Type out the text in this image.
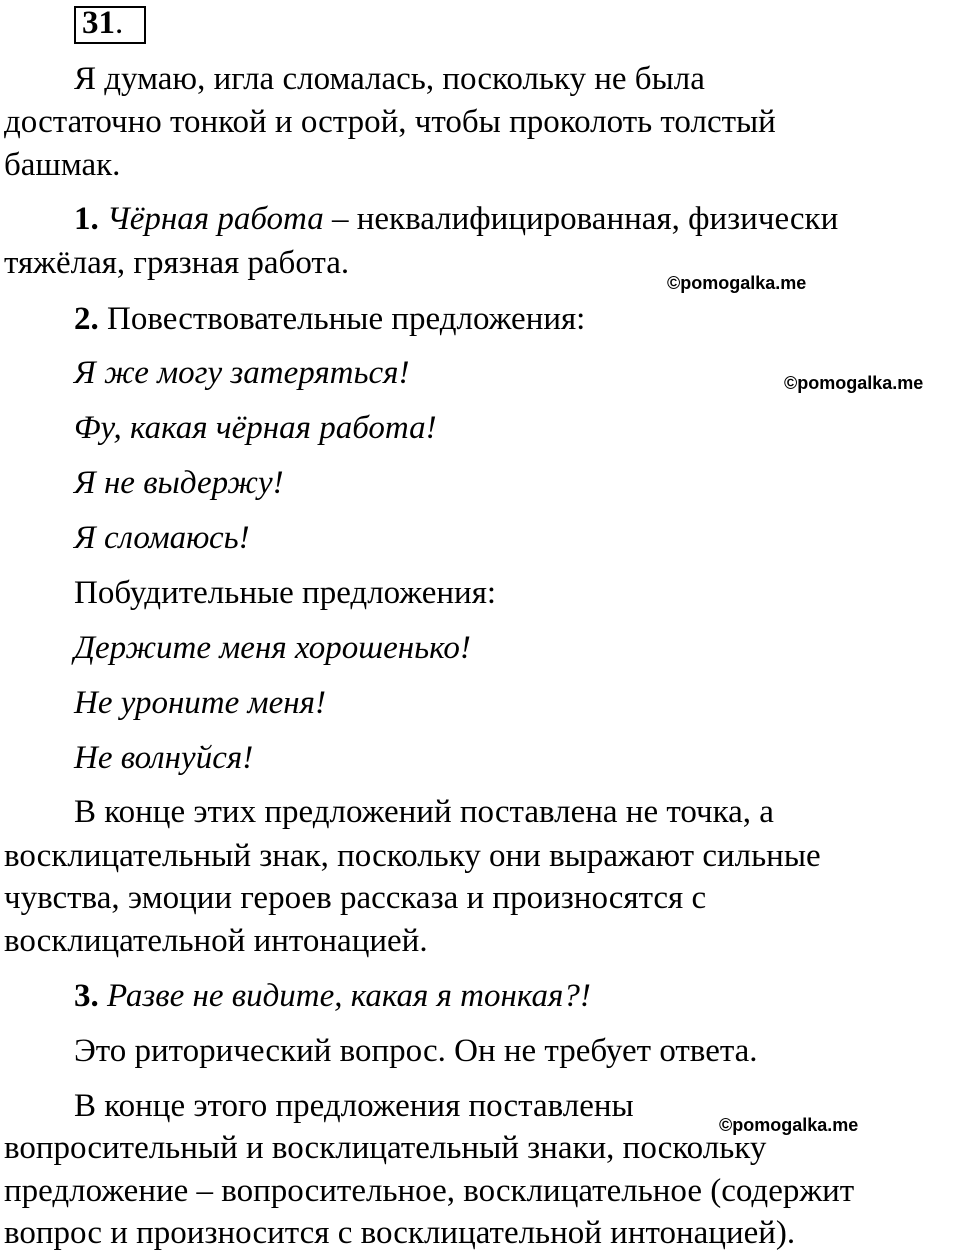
31.

Я думаю, игла сломалась, поскольку не была

достаточно тонкой и острой, чтобы проколоть толстый

башмак.

1. Чёрная работа – неквалифицированная, физически

тяжёлая, грязная работа.

©pomogalka.me

2. Повествовательные предложения:

Я же могу затеряться!	©pomogalka.me

Фу, какая чёрная работа!

Я не выдержу!

Я сломаюсь!

Побудительные предложения:

Держите меня хорошенько!

Не уроните меня!

Не волнуйся!

В конце этих предложений поставлена не точка, а

восклицательный знак, поскольку они выражают сильные

чувства, эмоции героев рассказа и произносятся с

восклицательной интонацией.

3. Разве не видите, какая я тонкая?!

Это риторический вопрос. Он не требует ответа.

В конце этого предложения поставлены

©pomogalka.me

вопросительный и восклицательный знаки, поскольку

предложение – вопросительное, восклицательное (содержит

вопрос и произносится с восклицательной интонацией).
